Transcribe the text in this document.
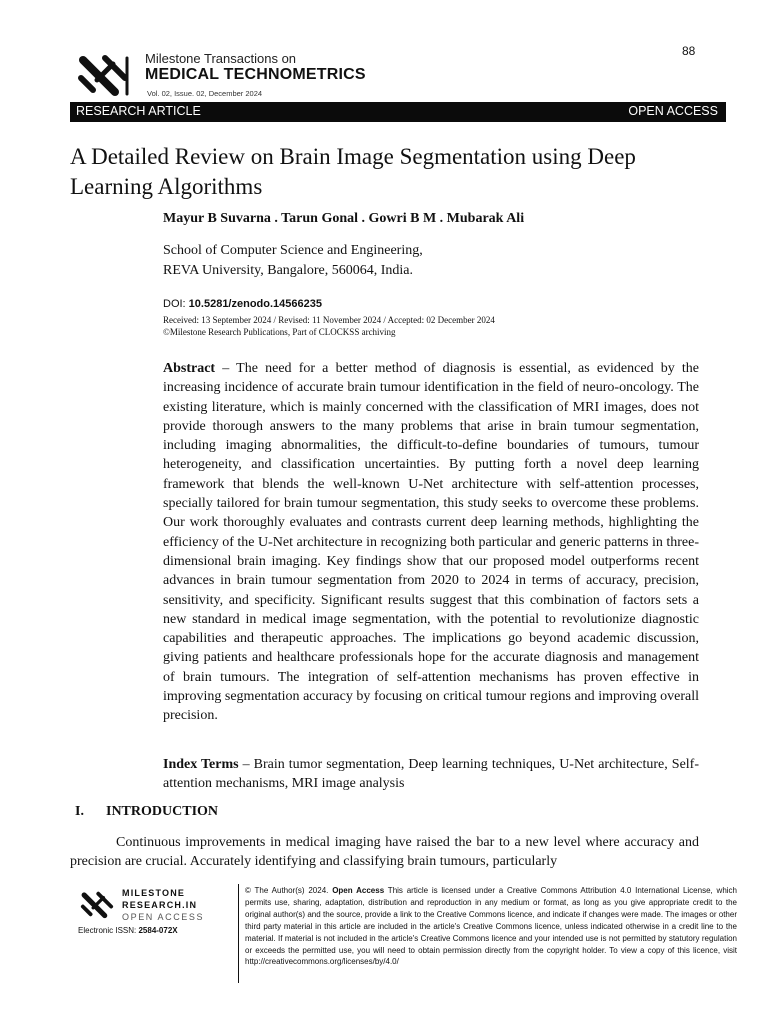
88
Milestone Transactions on
MEDICAL TECHNOMETRICS
Vol. 02, Issue. 02, December 2024
RESEARCH ARTICLE	OPEN ACCESS
A Detailed Review on Brain Image Segmentation using Deep Learning Algorithms
Mayur B Suvarna . Tarun Gonal . Gowri B M . Mubarak Ali
School of Computer Science and Engineering,
REVA University, Bangalore, 560064, India.
DOI: 10.5281/zenodo.14566235
Received: 13 September 2024 / Revised: 11 November 2024 / Accepted: 02 December 2024
©Milestone Research Publications, Part of CLOCKSS archiving
Abstract – The need for a better method of diagnosis is essential, as evidenced by the increasing incidence of accurate brain tumour identification in the field of neuro-oncology. The existing literature, which is mainly concerned with the classification of MRI images, does not provide thorough answers to the many problems that arise in brain tumour segmentation, including imaging abnormalities, the difficult-to-define boundaries of tumours, tumour heterogeneity, and classification uncertainties. By putting forth a novel deep learning framework that blends the well-known U-Net architecture with self-attention processes, specially tailored for brain tumour segmentation, this study seeks to overcome these problems. Our work thoroughly evaluates and contrasts current deep learning methods, highlighting the efficiency of the U-Net architecture in recognizing both particular and generic patterns in three-dimensional brain imaging. Key findings show that our proposed model outperforms recent advances in brain tumour segmentation from 2020 to 2024 in terms of accuracy, precision, sensitivity, and specificity. Significant results suggest that this combination of factors sets a new standard in medical image segmentation, with the potential to revolutionize diagnostic capabilities and therapeutic approaches. The implications go beyond academic discussion, giving patients and healthcare professionals hope for the accurate diagnosis and management of brain tumours. The integration of self-attention mechanisms has proven effective in improving segmentation accuracy by focusing on critical tumour regions and improving overall precision.
Index Terms – Brain tumor segmentation, Deep learning techniques, U-Net architecture, Self-attention mechanisms, MRI image analysis
I. INTRODUCTION
Continuous improvements in medical imaging have raised the bar to a new level where accuracy and precision are crucial. Accurately identifying and classifying brain tumours, particularly
MILESTONE
RESEARCH.IN
OPEN ACCESS
Electronic ISSN: 2584-072X
© The Author(s) 2024. Open Access This article is licensed under a Creative Commons Attribution 4.0 International License, which permits use, sharing, adaptation, distribution and reproduction in any medium or format, as long as you give appropriate credit to the original author(s) and the source, provide a link to the Creative Commons licence, and indicate if changes were made. The images or other third party material in this article are included in the article's Creative Commons licence, unless indicated otherwise in a credit line to the material. If material is not included in the article's Creative Commons licence and your intended use is not permitted by statutory regulation or exceeds the permitted use, you will need to obtain permission directly from the copyright holder. To view a copy of this licence, visit http://creativecommons.org/licenses/by/4.0/
